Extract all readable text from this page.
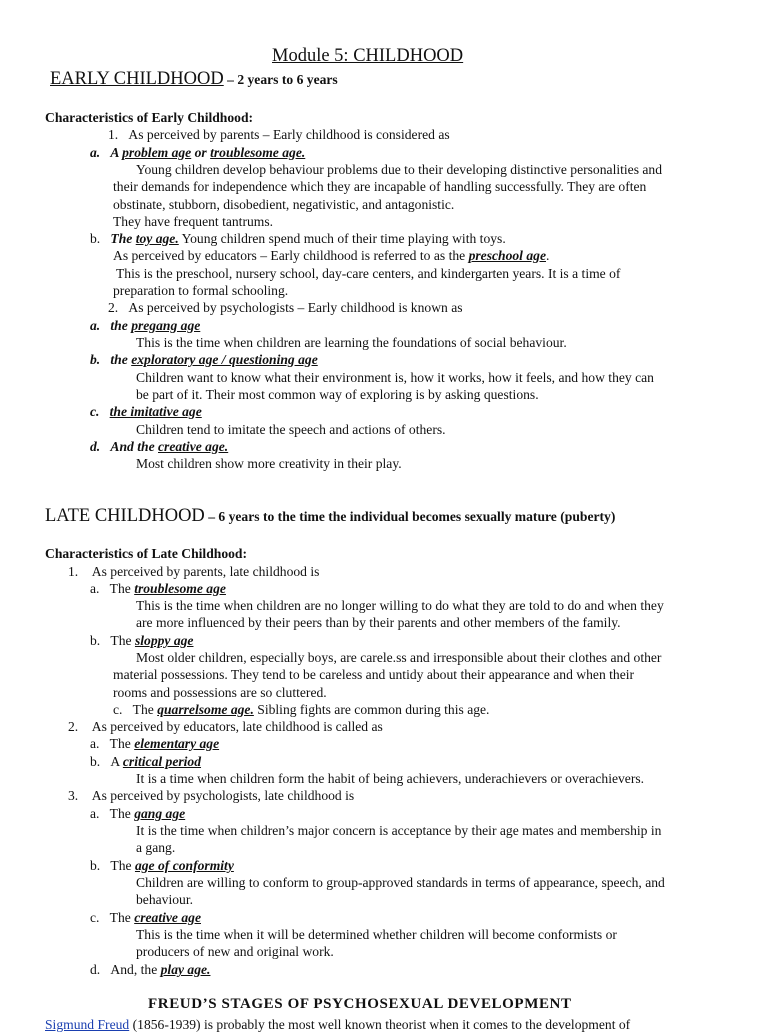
Module 5: CHILDHOOD
EARLY CHILDHOOD – 2 years to 6 years
Characteristics of Early Childhood:
1. As perceived by parents – Early childhood is considered as
a. A problem age or troublesome age.
Young children develop behaviour problems due to their developing distinctive personalities and
their demands for independence which they are incapable of handling successfully. They are often
obstinate, stubborn, disobedient, negativistic, and antagonistic.
They have frequent tantrums.
b. The toy age. Young children spend much of their time playing with toys.
As perceived by educators – Early childhood is referred to as the preschool age.
This is the preschool, nursery school, day-care centers, and kindergarten years. It is a time of
preparation to formal schooling.
2. As perceived by psychologists – Early childhood is known as
a. the pregang age
This is the time when children are learning the foundations of social behaviour.
b. the exploratory age / questioning age
Children want to know what their environment is, how it works, how it feels, and how they can
be part of it. Their most common way of exploring is by asking questions.
c. the imitative age
Children tend to imitate the speech and actions of others.
d. And the creative age.
Most children show more creativity in their play.
LATE CHILDHOOD – 6 years to the time the individual becomes sexually mature (puberty)
Characteristics of Late Childhood:
1. As perceived by parents, late childhood is
a. The troublesome age
This is the time when children are no longer willing to do what they are told to do and when they
are more influenced by their peers than by their parents and other members of the family.
b. The sloppy age
Most older children, especially boys, are carele.ss and irresponsible about their clothes and other
material possessions. They tend to be careless and untidy about their appearance and when their
rooms and possessions are so cluttered.
c. The quarrelsome age. Sibling fights are common during this age.
2. As perceived by educators, late childhood is called as
a. The elementary age
b. A critical period
It is a time when children form the habit of being achievers, underachievers or overachievers.
3. As perceived by psychologists, late childhood is
a. The gang age
It is the time when children’s major concern is acceptance by their age mates and membership in
a gang.
b. The age of conformity
Children are willing to conform to group-approved standards in terms of appearance, speech, and
behaviour.
c. The creative age
This is the time when it will be determined whether children will become conformists or
producers of new and original work.
d. And, the play age.
FREUD’S STAGES OF PSYCHOSEXUAL DEVELOPMENT
Sigmund Freud (1856-1939) is probably the most well known theorist when it comes to the development of
